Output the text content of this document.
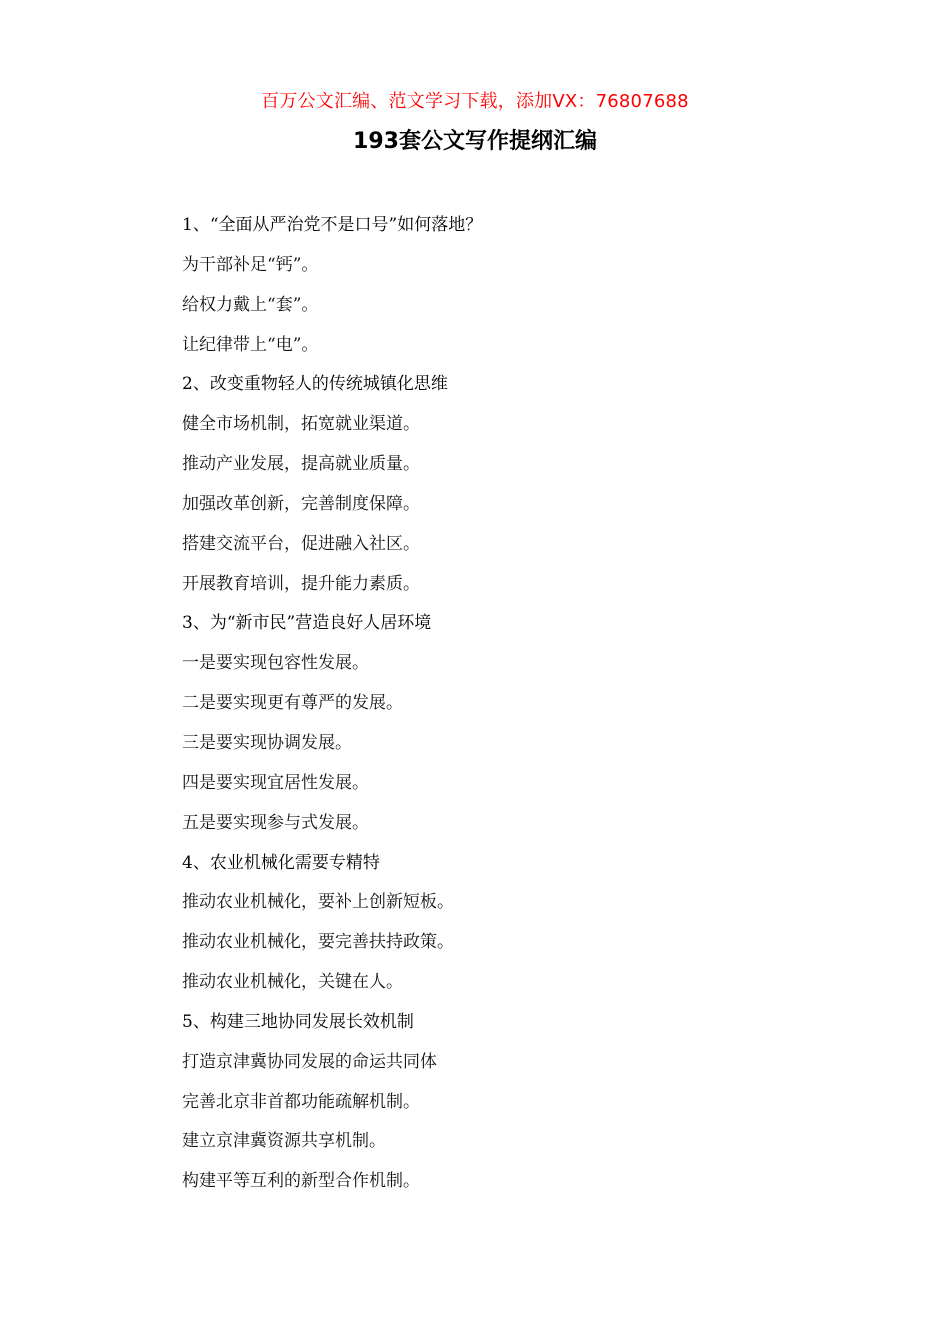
百万公文汇编、范文学习下载，添加VX：76807688
193套公文写作提纲汇编
1、“全面从严治党不是口号”如何落地？
为干部补足“钙”。
给权力戴上“套”。
让纪律带上“电”。
2、改变重物轻人的传统城镇化思维
健全市场机制，拓宽就业渠道。
推动产业发展，提高就业质量。
加强改革创新，完善制度保障。
搭建交流平台，促进融入社区。
开展教育培训，提升能力素质。
3、为“新市民”营造良好人居环境
一是要实现包容性发展。
二是要实现更有尊严的发展。
三是要实现协调发展。
四是要实现宜居性发展。
五是要实现参与式发展。
4、农业机械化需要专精特
推动农业机械化，要补上创新短板。
推动农业机械化，要完善扶持政策。
推动农业机械化，关键在人。
5、构建三地协同发展长效机制
打造京津冀协同发展的命运共同体
完善北京非首都功能疏解机制。
建立京津冀资源共享机制。
构建平等互利的新型合作机制。
